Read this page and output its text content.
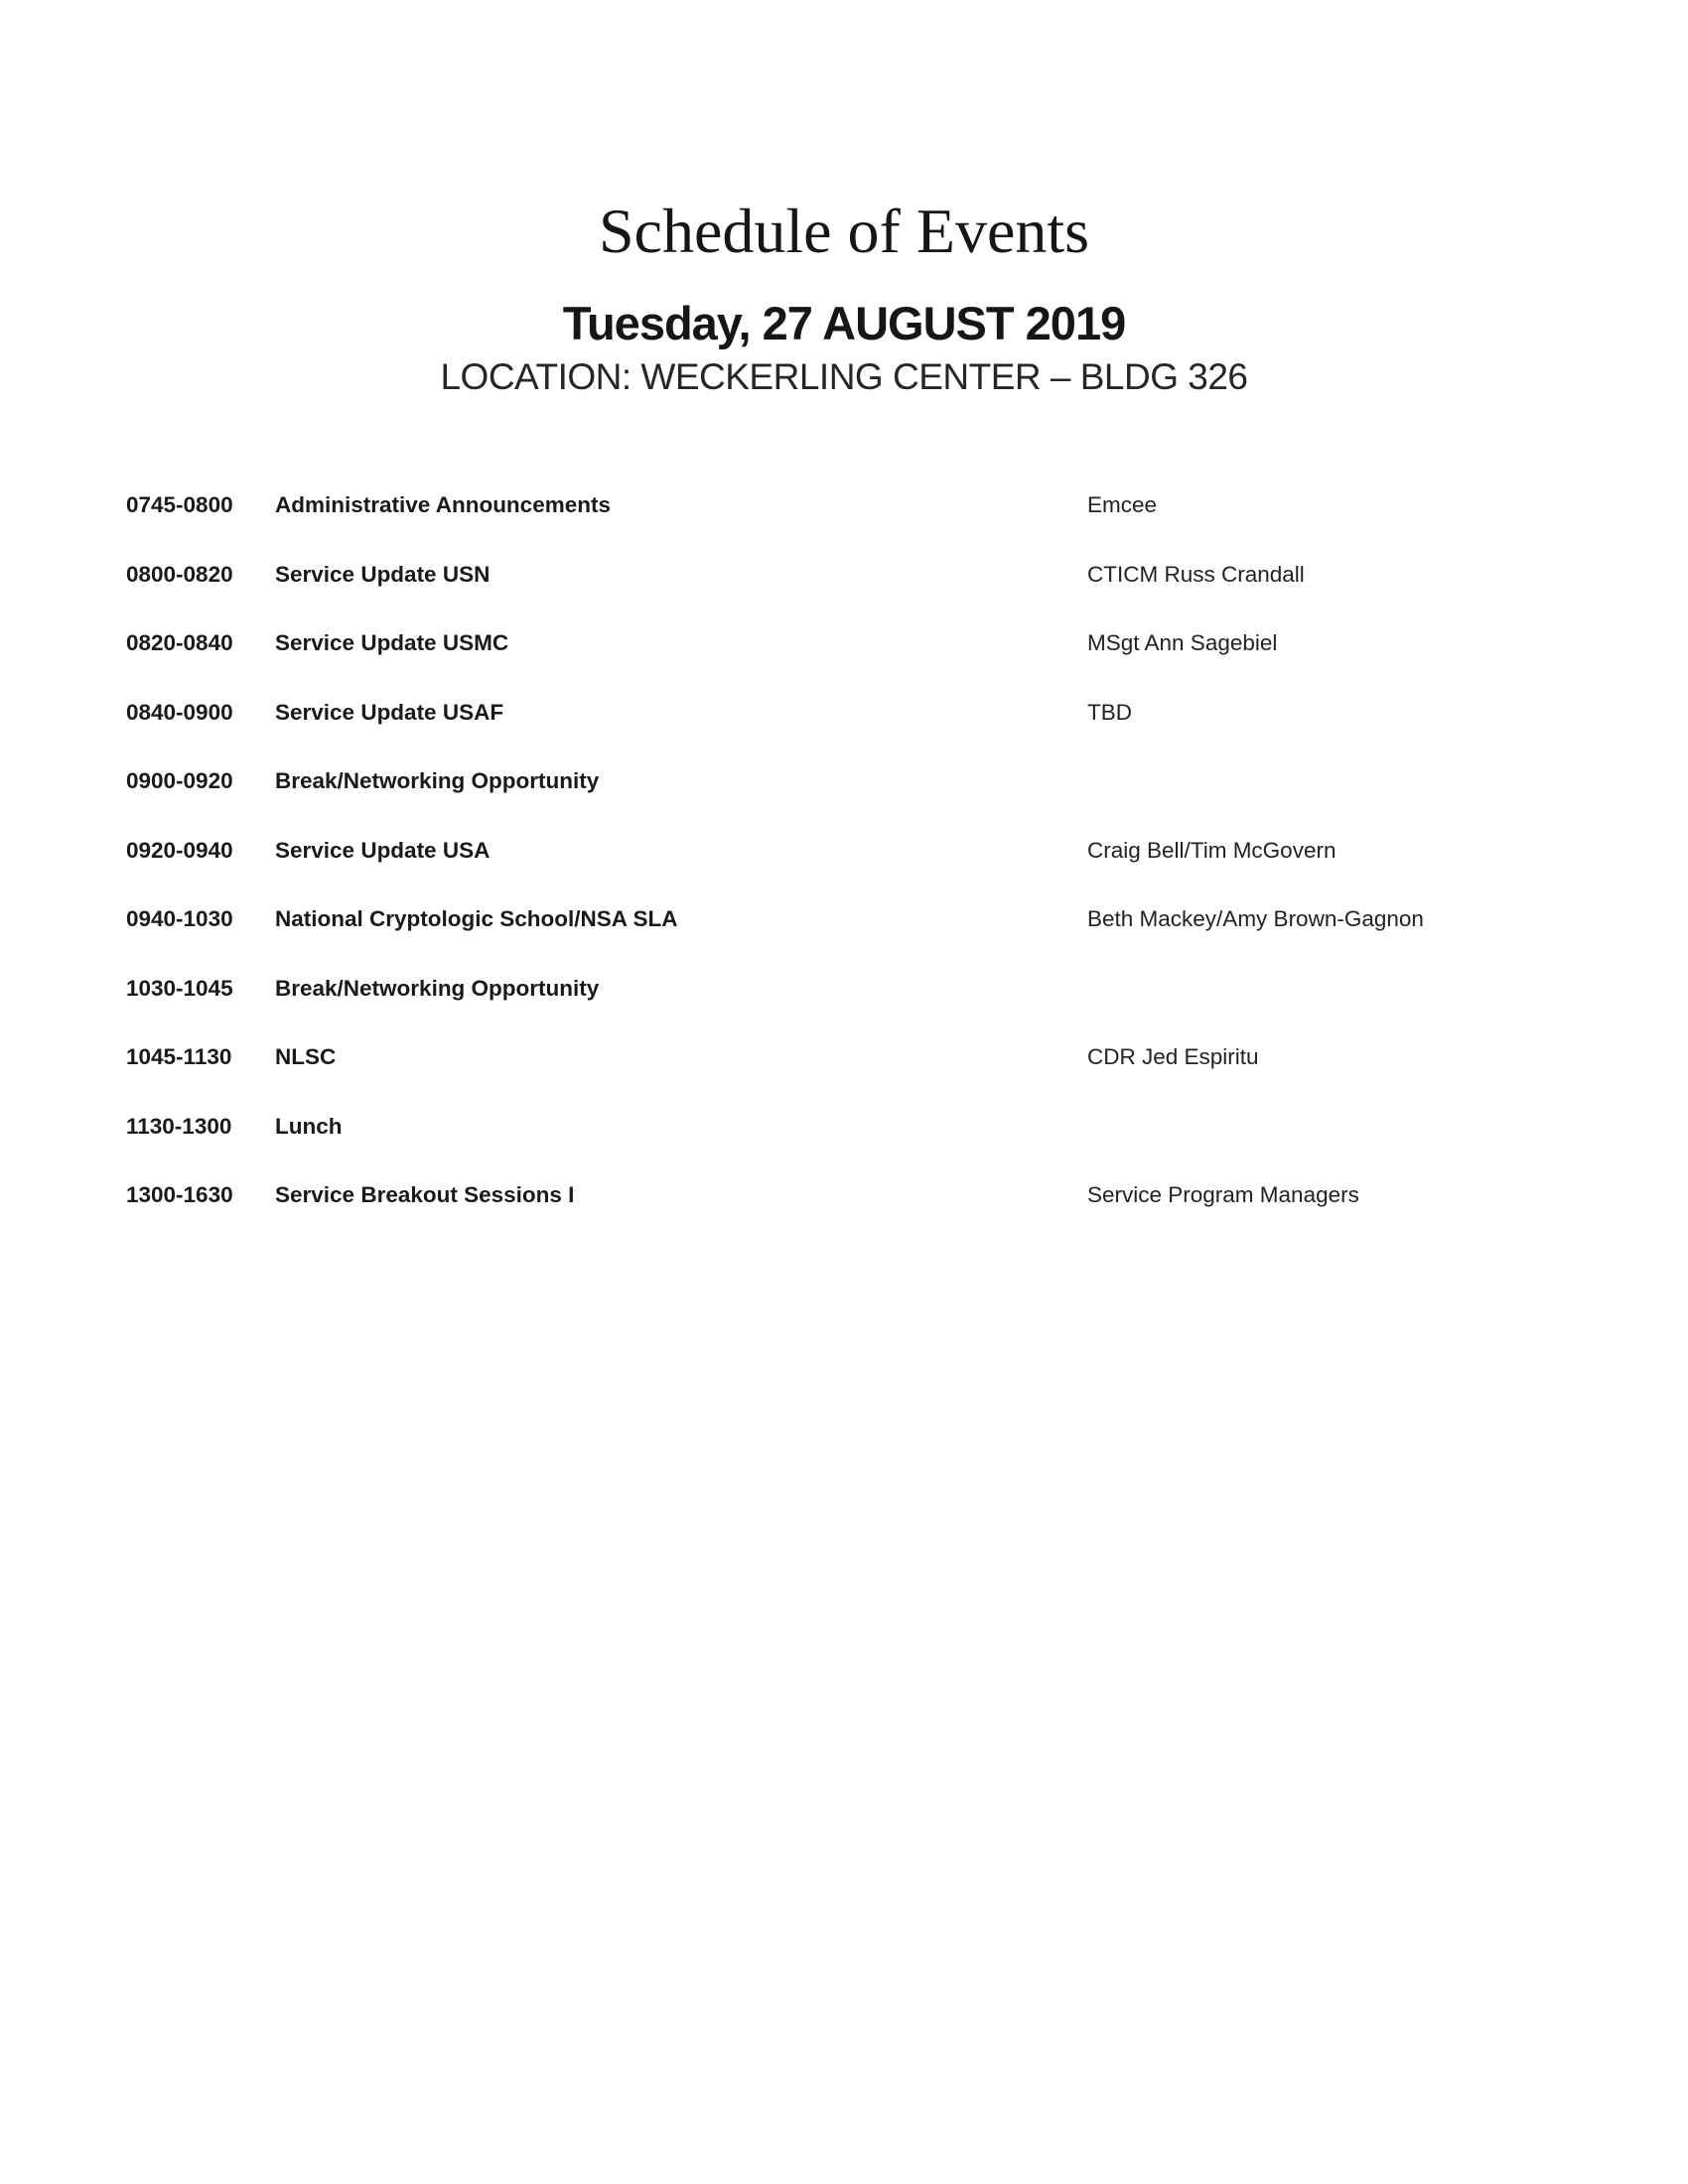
Schedule of Events
Tuesday, 27 AUGUST 2019
LOCATION: WECKERLING CENTER – BLDG 326
0745-0800	Administrative Announcements	Emcee
0800-0820	Service Update USN	CTICM Russ Crandall
0820-0840	Service Update USMC	MSgt Ann Sagebiel
0840-0900	Service Update USAF	TBD
0900-0920	Break/Networking Opportunity
0920-0940	Service Update USA	Craig Bell/Tim McGovern
0940-1030	National Cryptologic School/NSA SLA	Beth Mackey/Amy Brown-Gagnon
1030-1045	Break/Networking Opportunity
1045-1130	NLSC	CDR Jed Espiritu
1130-1300	Lunch
1300-1630	Service Breakout Sessions I	Service Program Managers
